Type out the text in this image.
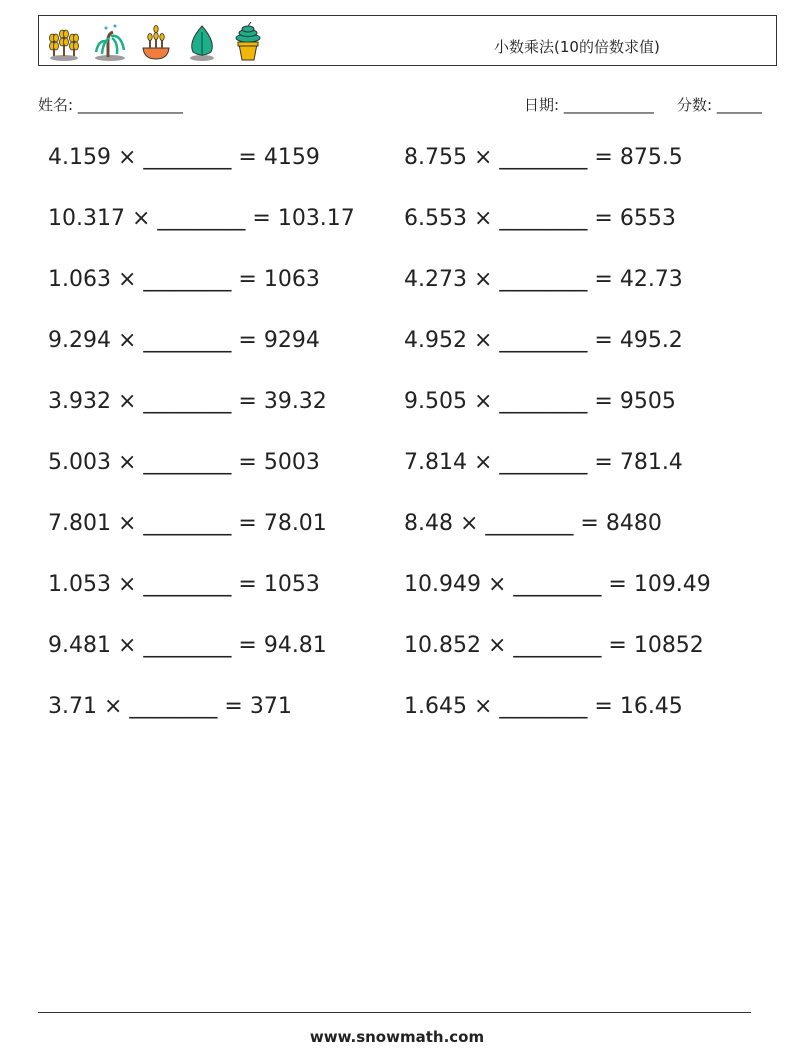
小数乘法(10的倍数求值)
姓名: ______________	日期: ____________ 分数: ______
4.159 × ________ = 4159	8.755 × ________ = 875.5
10.317 × ________ = 103.17	6.553 × ________ = 6553
1.063 × ________ = 1063	4.273 × ________ = 42.73
9.294 × ________ = 9294	4.952 × ________ = 495.2
3.932 × ________ = 39.32	9.505 × ________ = 9505
5.003 × ________ = 5003	7.814 × ________ = 781.4
7.801 × ________ = 78.01	8.48 × ________ = 8480
1.053 × ________ = 1053	10.949 × ________ = 109.49
9.481 × ________ = 94.81	10.852 × ________ = 10852
3.71 × ________ = 371	1.645 × ________ = 16.45
www.snowmath.com
